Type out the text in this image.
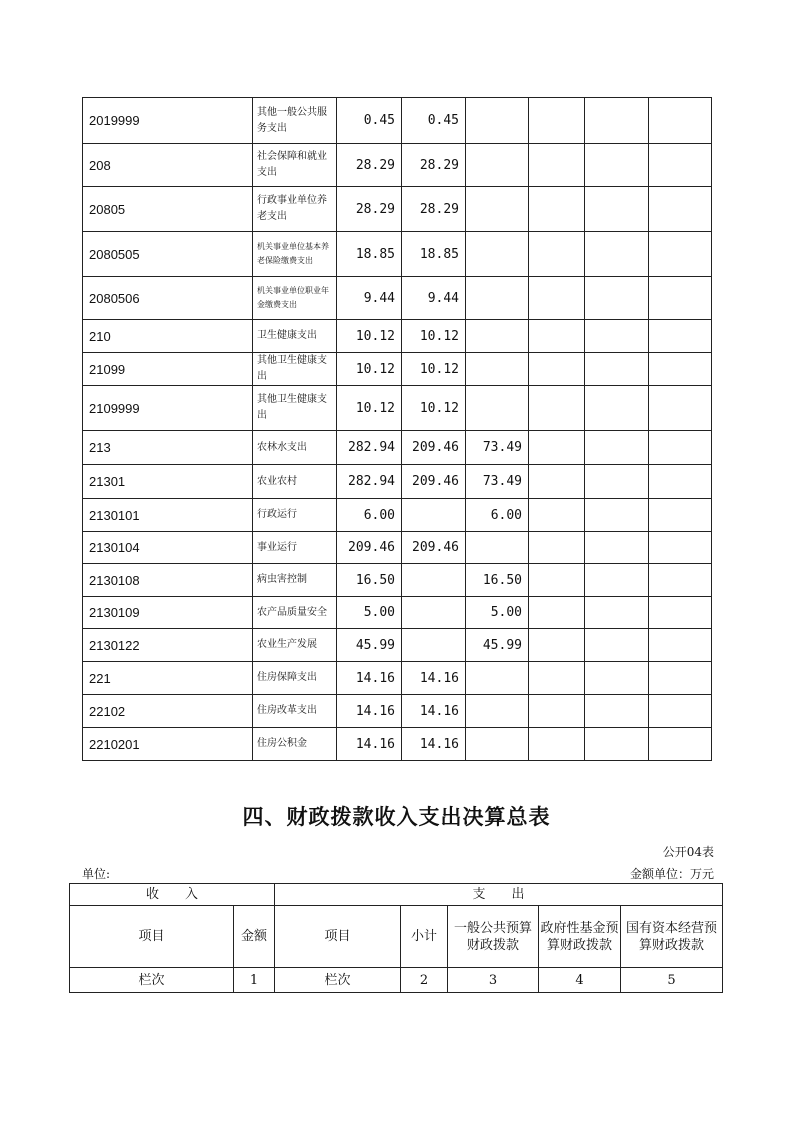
2019999	其他一般公共服务支出	0.45	0.45				
208	社会保障和就业支出	28.29	28.29				
20805	行政事业单位养老支出	28.29	28.29				
2080505	机关事业单位基本养老保险缴费支出	18.85	18.85				
2080506	机关事业单位职业年金缴费支出	9.44	9.44				
210	卫生健康支出	10.12	10.12				
21099	其他卫生健康支出	10.12	10.12				
2109999	其他卫生健康支出	10.12	10.12				
213	农林水支出	282.94	209.46	73.49			
21301	农业农村	282.94	209.46	73.49			
2130101	行政运行	6.00		6.00			
2130104	事业运行	209.46	209.46				
2130108	病虫害控制	16.50		16.50			
2130109	农产品质量安全	5.00		5.00			
2130122	农业生产发展	45.99		45.99			
221	住房保障支出	14.16	14.16				
22102	住房改革支出	14.16	14.16				
2210201	住房公积金	14.16	14.16				
四、财政拨款收入支出决算总表
公开04表
单位:	金额单位：万元
收　　入		支　　出				
项目	金额	项目	小计	一般公共预算财政拨款	政府性基金预算财政拨款	国有资本经营预算财政拨款
栏次	1	栏次	2	3	4	5
